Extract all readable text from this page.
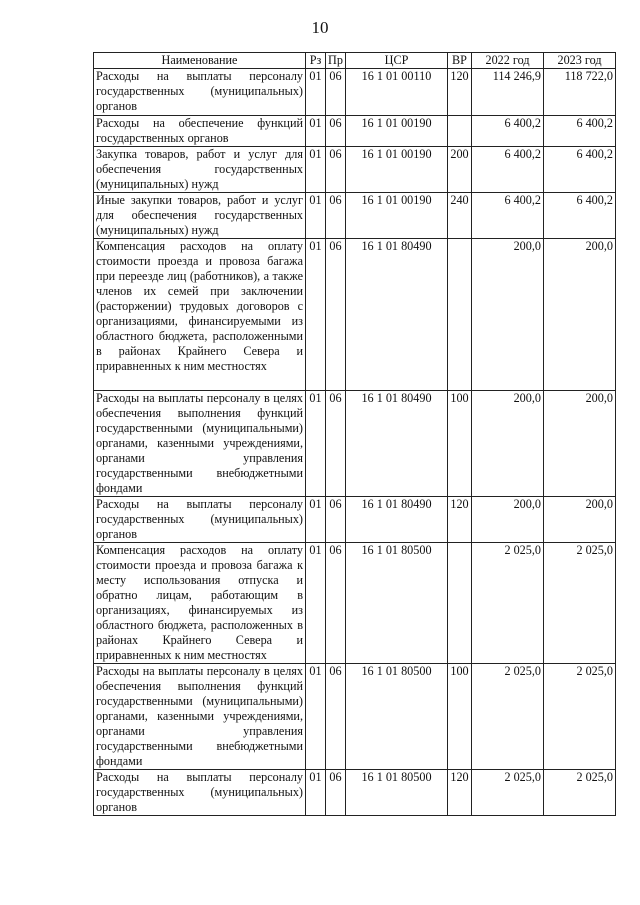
10
Наименование	Рз	Пр	ЦСР	ВР	2022 год	2023 год
Расходы на выплаты персоналу государственных (муниципальных) органов	01	06	16 1 01 00110	120	114 246,9	118 722,0
Расходы на обеспечение функций государственных органов	01	06	16 1 01 00190		6 400,2	6 400,2
Закупка товаров, работ и услуг для обеспечения государственных (муниципальных) нужд	01	06	16 1 01 00190	200	6 400,2	6 400,2
Иные закупки товаров, работ и услуг для обеспечения государственных (муниципальных) нужд	01	06	16 1 01 00190	240	6 400,2	6 400,2
Компенсация расходов на оплату стоимости проезда и провоза багажа при переезде лиц (работников), а также членов их семей при заключении (расторжении) трудовых договоров с организациями, финансируемыми из областного бюджета, расположенными в районах Крайнего Севера и приравненных к ним местностях	01	06	16 1 01 80490		200,0	200,0
Расходы на выплаты персоналу в целях обеспечения выполнения функций государственными (муниципальными) органами, казенными учреждениями, органами управления государственными внебюджетными фондами	01	06	16 1 01 80490	100	200,0	200,0
Расходы на выплаты персоналу государственных (муниципальных) органов	01	06	16 1 01 80490	120	200,0	200,0
Компенсация расходов на оплату стоимости проезда и провоза багажа к месту использования отпуска и обратно лицам, работающим в организациях, финансируемых из областного бюджета, расположенных в районах Крайнего Севера и приравненных к ним местностях	01	06	16 1 01 80500		2 025,0	2 025,0
Расходы на выплаты персоналу в целях обеспечения выполнения функций государственными (муниципальными) органами, казенными учреждениями, органами управления государственными внебюджетными фондами	01	06	16 1 01 80500	100	2 025,0	2 025,0
Расходы на выплаты персоналу государственных (муниципальных) органов	01	06	16 1 01 80500	120	2 025,0	2 025,0
